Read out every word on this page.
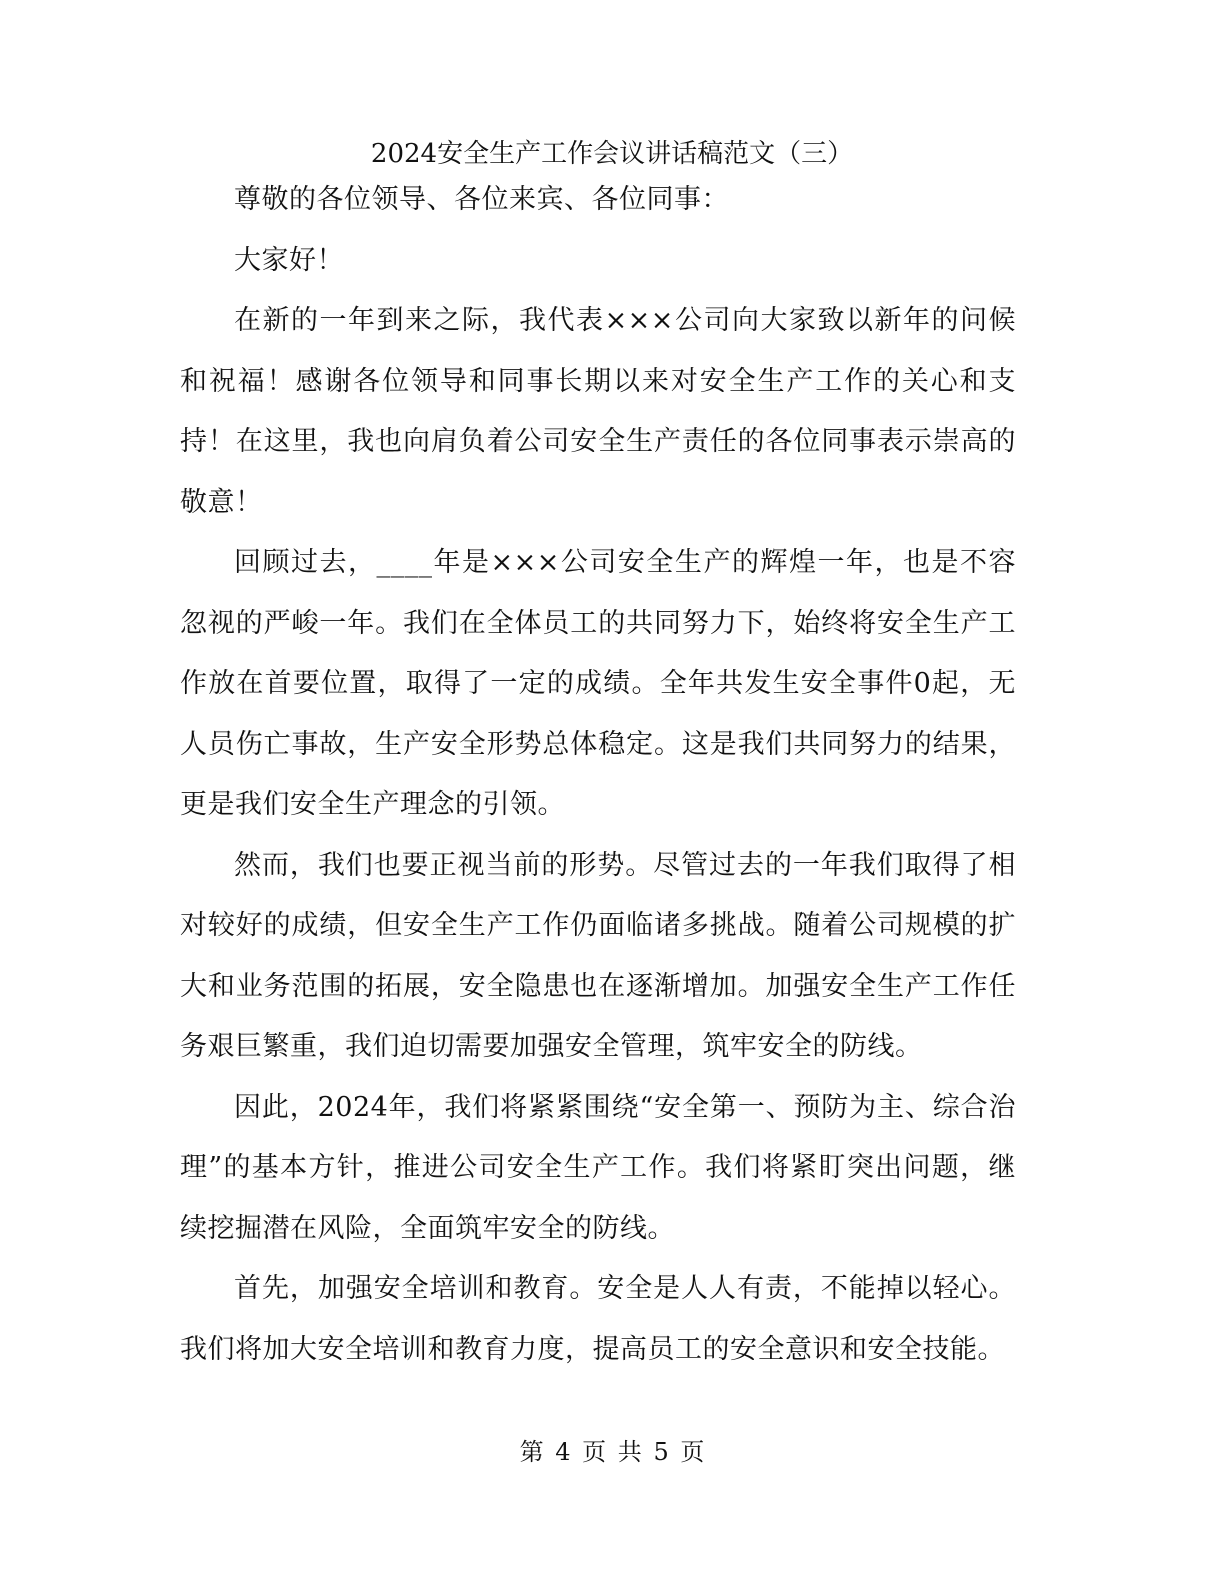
2024安全生产工作会议讲话稿范文（三）

尊敬的各位领导、各位来宾、各位同事：

大家好！

在新的一年到来之际，我代表×××公司向大家致以新年的问候和祝福！感谢各位领导和同事长期以来对安全生产工作的关心和支持！在这里，我也向肩负着公司安全生产责任的各位同事表示崇高的敬意！

回顾过去，____年是×××公司安全生产的辉煌一年，也是不容忽视的严峻一年。我们在全体员工的共同努力下，始终将安全生产工作放在首要位置，取得了一定的成绩。全年共发生安全事件0起，无人员伤亡事故，生产安全形势总体稳定。这是我们共同努力的结果，更是我们安全生产理念的引领。

然而，我们也要正视当前的形势。尽管过去的一年我们取得了相对较好的成绩，但安全生产工作仍面临诸多挑战。随着公司规模的扩大和业务范围的拓展，安全隐患也在逐渐增加。加强安全生产工作任务艰巨繁重，我们迫切需要加强安全管理，筑牢安全的防线。

因此，2024年，我们将紧紧围绕“安全第一、预防为主、综合治理”的基本方针，推进公司安全生产工作。我们将紧盯突出问题，继续挖掘潜在风险，全面筑牢安全的防线。

首先，加强安全培训和教育。安全是人人有责，不能掉以轻心。我们将加大安全培训和教育力度，提高员工的安全意识和安全技能。

第 4 页 共 5 页
